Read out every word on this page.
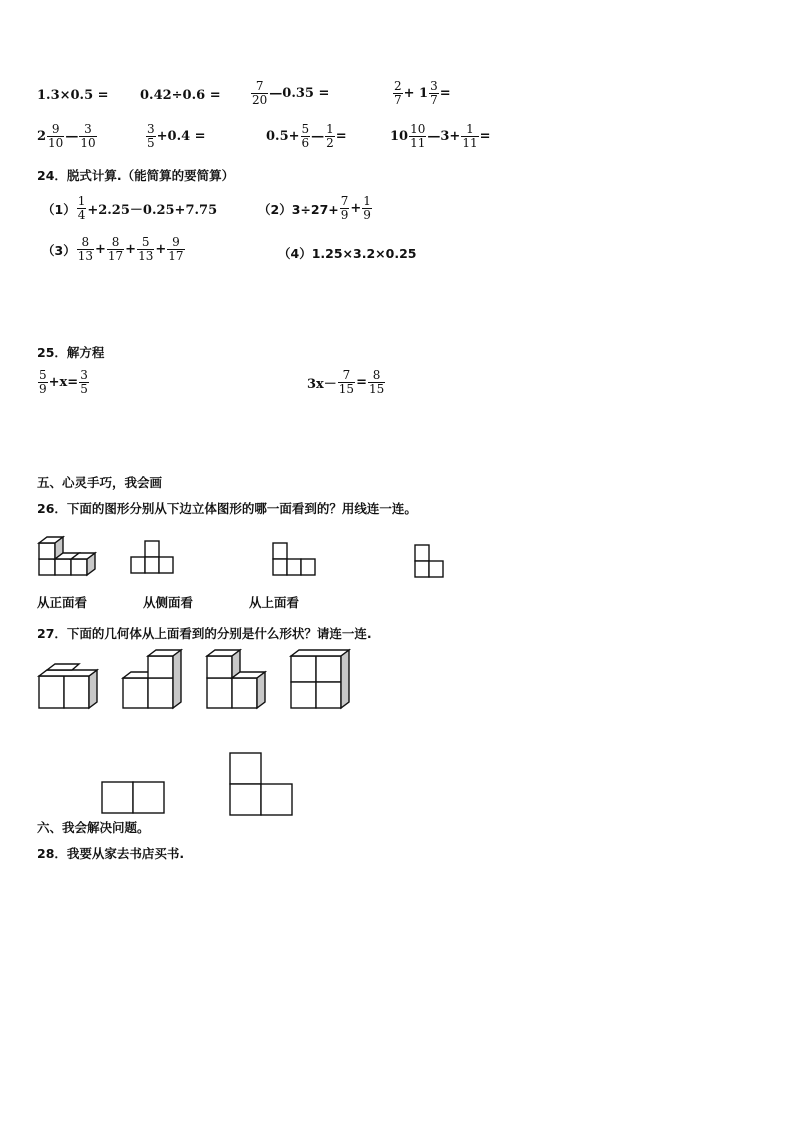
1.3×0.5 = 0.42÷0.6 =	$\frac{7}{20}$ —0.35 =	$\frac{2}{7} + 1 \frac{3}{7}$ =
$2 \frac{9}{10}$ — $\frac{3}{10}$	$\frac{3}{5} +0.4$ =	$0.5+ \frac{5}{6}$ — $\frac{1}{2}$ =	$10 \frac{10}{11}$ —3+ $\frac{1}{11}$ =
24．脱式计算.（能简算的要简算）
$(1) \frac{1}{4} +2.25-0.25+7.75$	$(2)3\div 27+ \frac{7}{9} + \frac{1}{9}$
$(3) \frac{8}{13} + \frac{8}{17} + \frac{5}{13} + \frac{9}{17}$	（4）1.25×3.2×0.25
25．解方程
$\frac{5}{9} +x= \frac{3}{5}$	$3x- \frac{7}{15} = \frac{8}{15}$
五、心灵手巧，我会画
26．下面的图形分别从下边立体图形的哪一面看到的？用线连一连。
从正面看	从侧面看	从上面看
27．下面的几何体从上面看到的分别是什么形状？请连一连.
六、我会解决问题。
28．我要从家去书店买书.
